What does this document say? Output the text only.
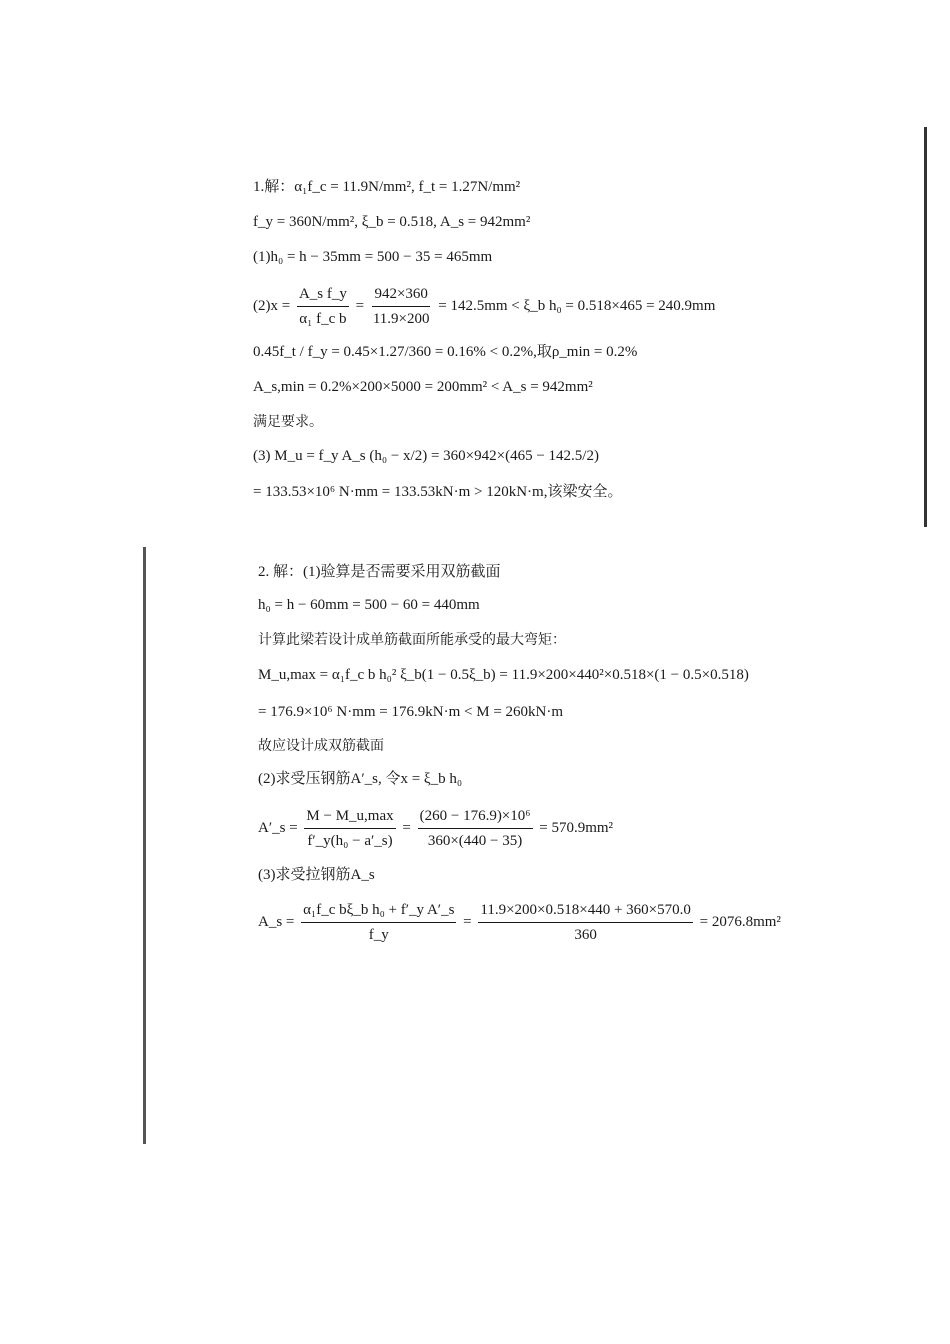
1.解：α₁f_c = 11.9N/mm², f_t = 1.27N/mm²
f_y = 360N/mm², ξ_b = 0.518, A_s = 942mm²
(1)h₀ = h − 35mm = 500 − 35 = 465mm
$(2)x = \frac{\text{A\_s f\_y}}{\text{α₁ f\_c b}} = \frac{942\times 360}{11.9\times 200} = 142.5mm$ < ξ_b h₀ = 0.518×465 = 240.9mm
0.45f_t / f_y = 0.45×1.27/360 = 0.16% < 0.2%,取ρ_min = 0.2%
A_s,min = 0.2%×200×5000 = 200mm² < A_s = 942mm²
满足要求。
(3) M_u = f_y A_s (h₀ − x/2) = 360×942×(465 − 142.5/2)
= 133.53×10⁶ N·mm = 133.53kN·m > 120kN·m,该梁安全。
2. 解：(1)验算是否需要采用双筋截面
h₀ = h − 60mm = 500 − 60 = 440mm
计算此梁若设计成单筋截面所能承受的最大弯矩：
M_u,max = α₁f_c b h₀² ξ_b(1 − 0.5ξ_b) = 11.9×200×440²×0.518×(1 − 0.5×0.518)
= 176.9×10⁶ N·mm = 176.9kN·m < M = 260kN·m
故应设计成双筋截面
(2)求受压钢筋A′_s, 令x = ξ_b h₀
A′_s = $\frac{M - M\_u,\max}{\text{f′\_y(h₀ − a′\_s)}} = \frac{\text{(260 − 176.9)×10⁶}}{360\times(440 - 35)} = 570.9mm^2$
(3)求受拉钢筋A_s
A_s = $\frac{\text{α₁f\_c bξ\_b h₀ + f′\_y A′\_s}}{f\_y} = \frac{11.9\times 200\times 0.518\times 440 + 360\times 570.0}{360} = 2076.8mm^2$
